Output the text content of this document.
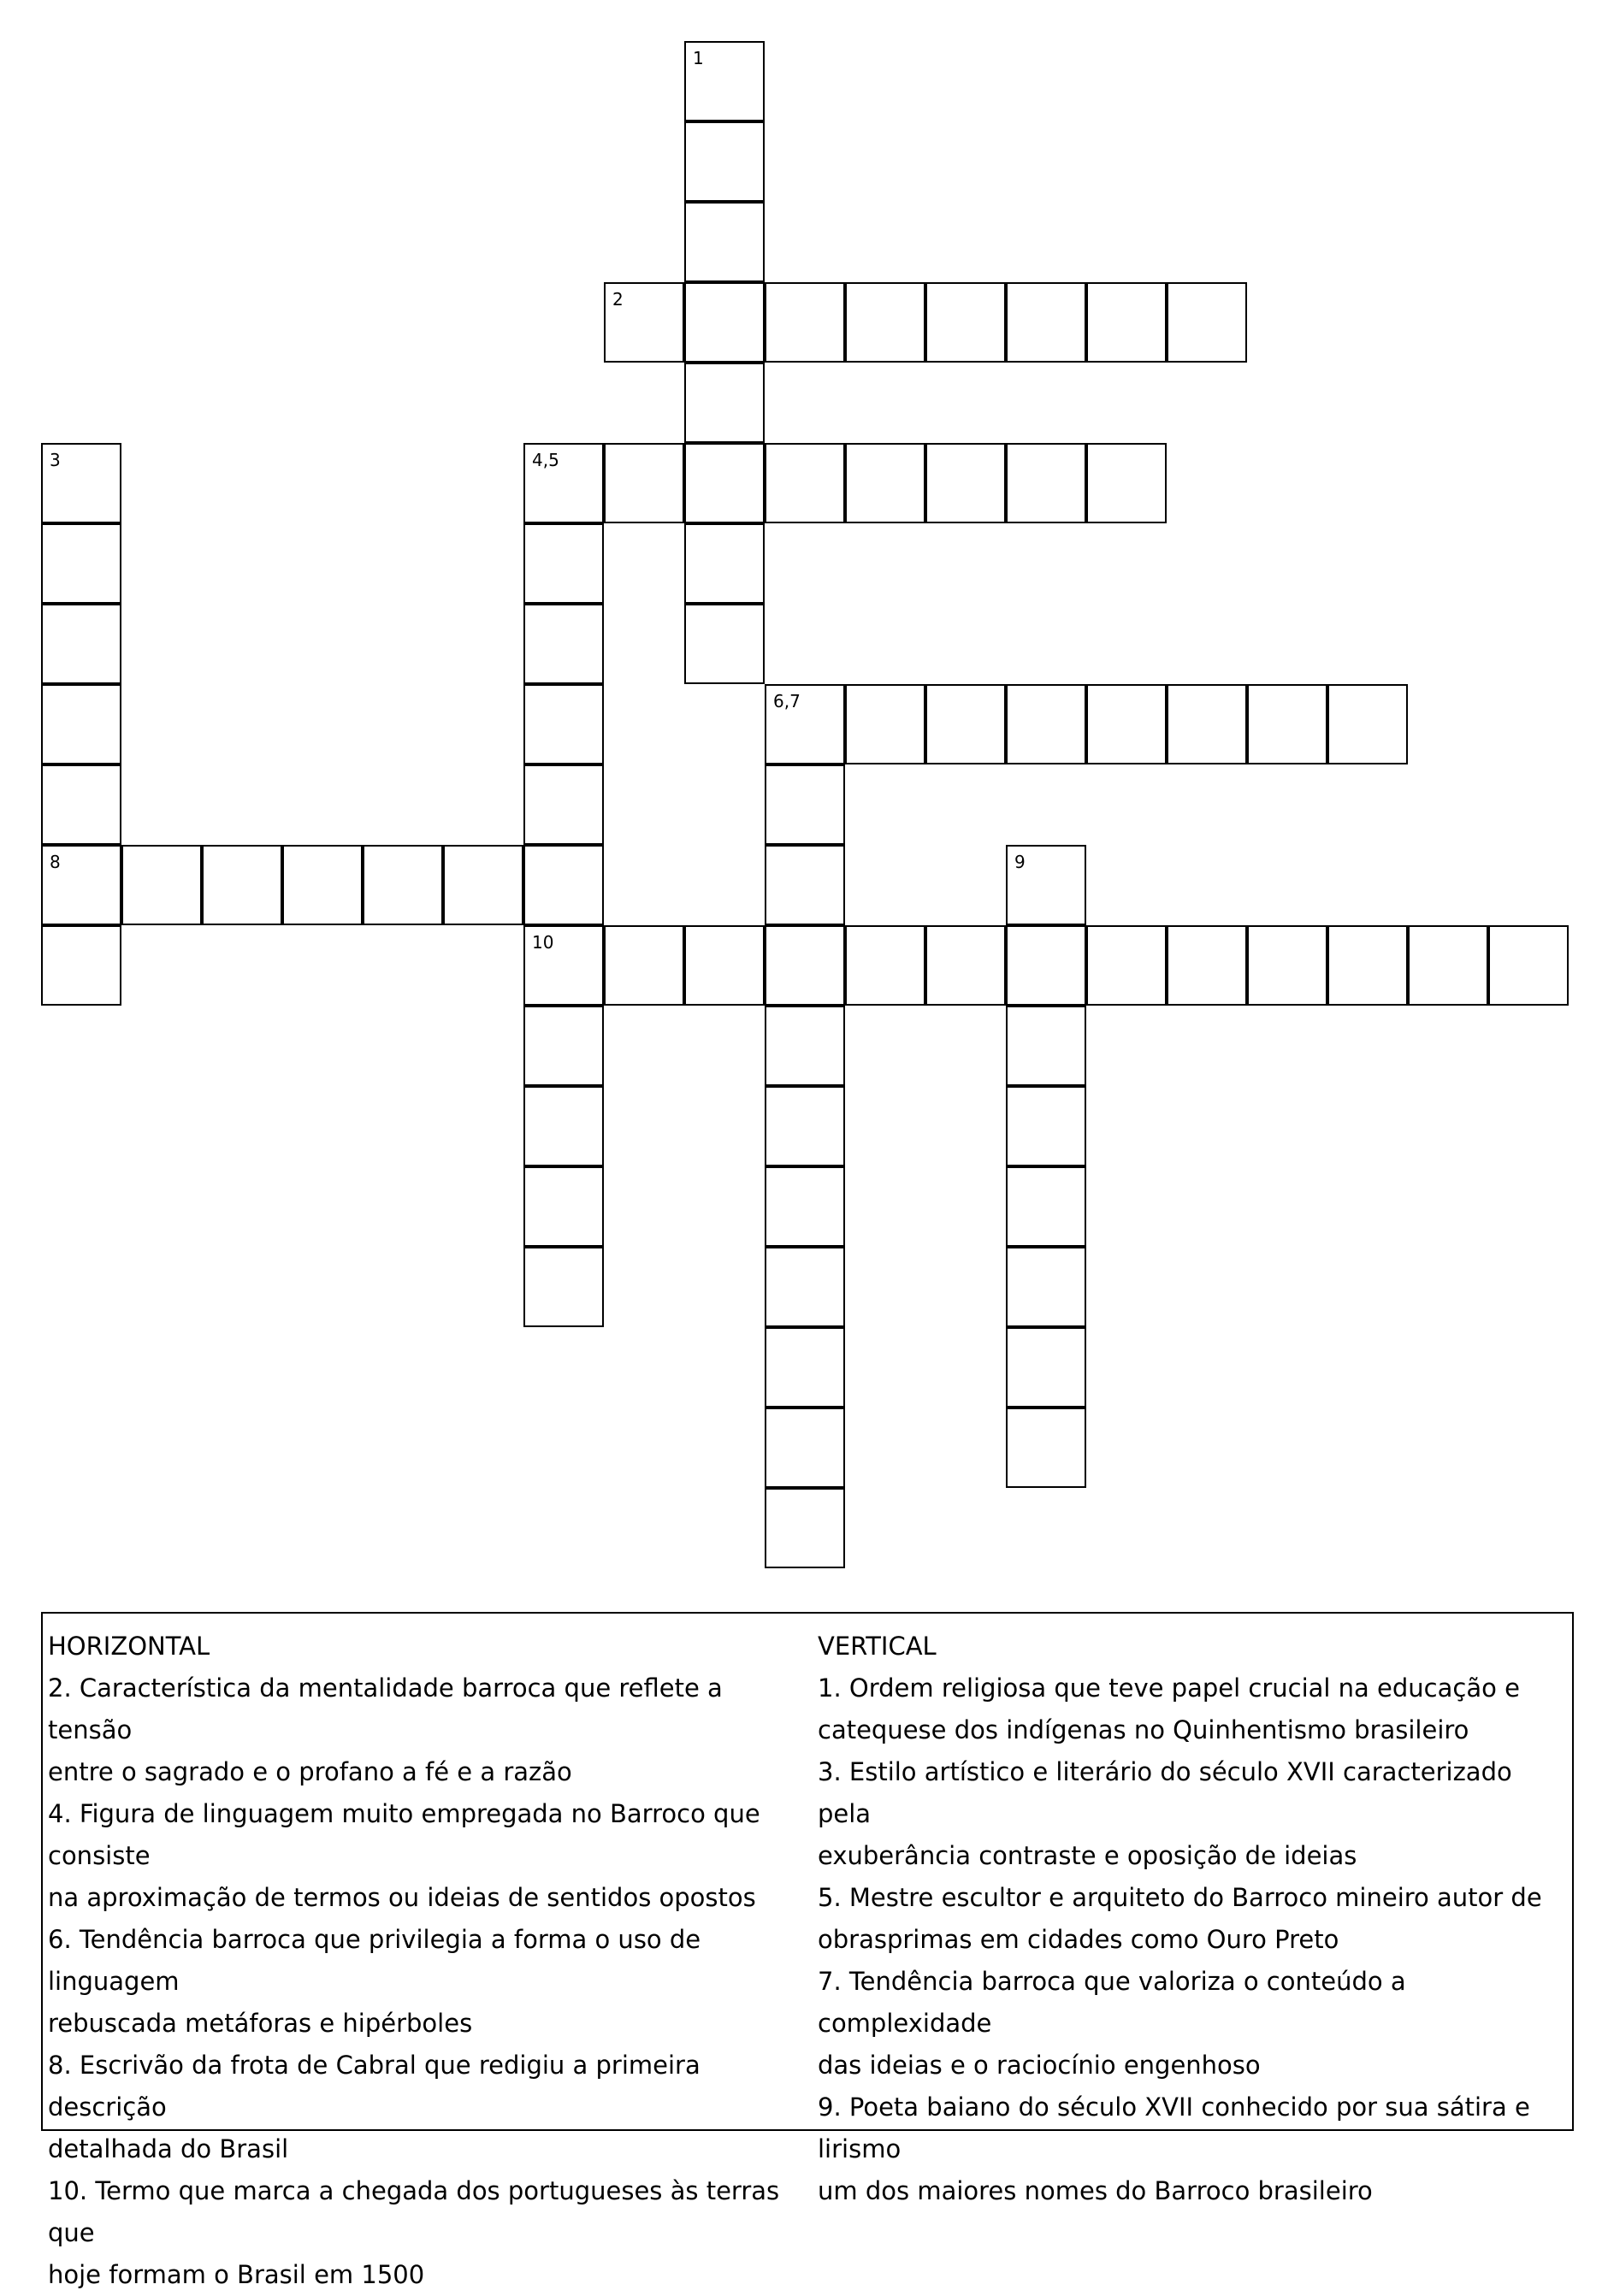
2
4,5
6,7
8
10
1
3
9
HORIZONTAL
2. Característica da mentalidade barroca que reflete a tensão
entre o sagrado e o profano a fé e a razão
4. Figura de linguagem muito empregada no Barroco que consiste
na aproximação de termos ou ideias de sentidos opostos
6. Tendência barroca que privilegia a forma o uso de linguagem
rebuscada metáforas e hipérboles
8. Escrivão da frota de Cabral que redigiu a primeira descrição
detalhada do Brasil
10. Termo que marca a chegada dos portugueses às terras que
hoje formam o Brasil em 1500
VERTICAL
1. Ordem religiosa que teve papel crucial na educação e
catequese dos indígenas no Quinhentismo brasileiro
3. Estilo artístico e literário do século XVII caracterizado pela
exuberância contraste e oposição de ideias
5. Mestre escultor e arquiteto do Barroco mineiro autor de
obrasprimas em cidades como Ouro Preto
7. Tendência barroca que valoriza o conteúdo a complexidade
das ideias e o raciocínio engenhoso
9. Poeta baiano do século XVII conhecido por sua sátira e lirismo
um dos maiores nomes do Barroco brasileiro
